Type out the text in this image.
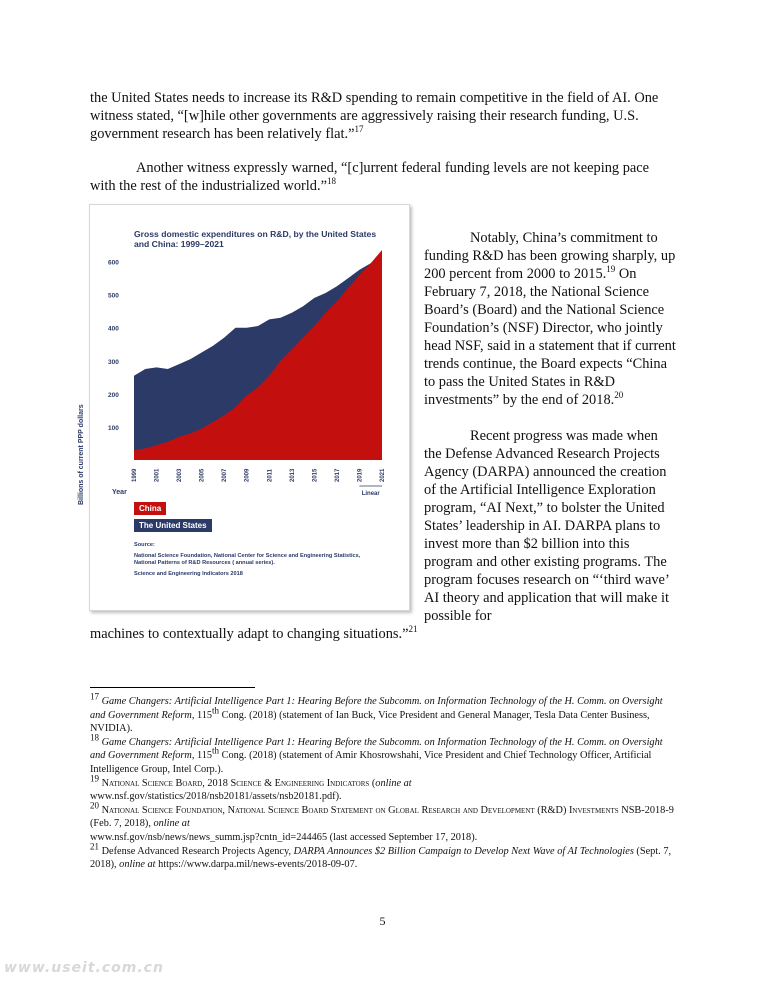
the United States needs to increase its R&D spending to remain competitive in the field of AI. One witness stated, “[w]hile other governments are aggressively raising their research funding, U.S. government research has been relatively flat.”$^{17}$

Another witness expressly warned, “[c]urrent federal funding levels are not keeping pace with the rest of the industrialized world.”$^{18}$

Gross domestic expenditures on R&D, by the United States and China: 1999–2021
100
200
300
400
500
600
1999	2001	2003	2005	2007	2009	2011	2013	2015	2017	2019	2021
Year	Linear
Billions of current PPP dollars
China
The United States
Source:
National Science Foundation, National Center for Science and Engineering Statistics, National Patterns of R&D Resources ( annual series).
Science and Engineering Indicators 2018

Notably, China’s commitment to funding R&D has been growing sharply, up 200 percent from 2000 to 2015.19 On February 7, 2018, the National Science Board’s (Board) and the National Science Foundation’s (NSF) Director, who jointly head NSF, said in a statement that if current trends continue, the Board expects “China to pass the United States in R&D investments” by the end of 2018.20

Recent progress was made when the Defense Advanced Research Projects Agency (DARPA) announced the creation of the Artificial Intelligence Exploration program, “AI Next,” to bolster the United States’ leadership in AI. DARPA plans to invest more than $2 billion into this program and other existing programs. The program focuses research on “‘third wave’ AI theory and application that will make it possible for

machines to contextually adapt to changing situations.”$^{21}$

$^{17}$ Game Changers: Artificial Intelligence Part 1: Hearing Before the Subcomm. on Information Technology of the H. Comm. on Oversight and Government Reform, 115th Cong. (2018) (statement of Ian Buck, Vice President and General Manager, Tesla Data Center Business, NVIDIA).
$^{18}$ Game Changers: Artificial Intelligence Part 1: Hearing Before the Subcomm. on Information Technology of the H. Comm. on Oversight and Government Reform, 115th Cong. (2018) (statement of Amir Khosrowshahi, Vice President and Chief Technology Officer, Artificial Intelligence Group, Intel Corp.).
$^{19}$ National Science Board, 2018 Science & Engineering Indicators (online at
www.nsf.gov/statistics/2018/nsb20181/assets/nsb20181.pdf).
$^{20}$ National Science Foundation, National Science Board Statement on Global Research and Development (R&D) Investments NSB-2018-9 (Feb. 7, 2018), online at
www.nsf.gov/nsb/news/news_summ.jsp?cntn_id=244465 (last accessed September 17, 2018).
$^{21}$ Defense Advanced Research Projects Agency, DARPA Announces $2 Billion Campaign to Develop Next Wave of AI Technologies (Sept. 7, 2018), online at https://www.darpa.mil/news-events/2018-09-07.
5
www.useit.com.cn
